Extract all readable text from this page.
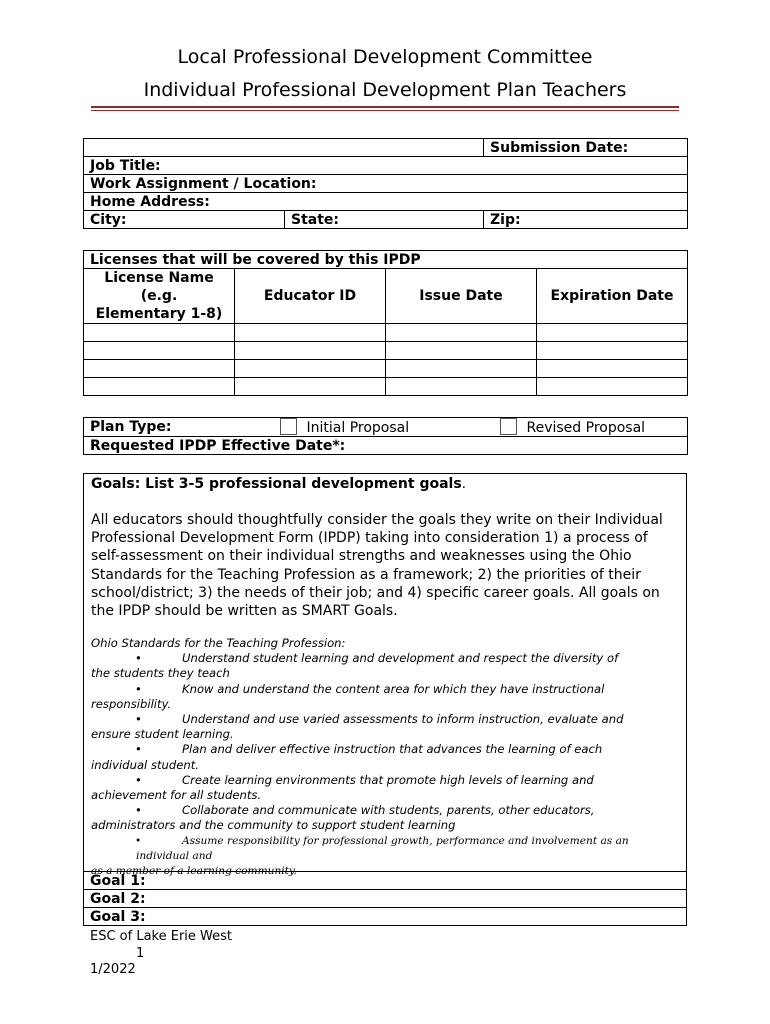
Local Professional Development Committee
Individual Professional Development Plan Teachers
		Submission Date:
Job Title:		
Work Assignment / Location:		
Home Address:		
City:	State:	Zip:
Licenses that will be covered by this IPDP			
License Name
(e.g.
Elementary 1-8)	Educator ID	Issue Date	Expiration Date

Plan Type:	Initial Proposal	Revised Proposal
Requested IPDP Effective Date*:
Goals: List 3-5 professional development goals.
All educators should thoughtfully consider the goals they write on their Individual Professional Development Form (IPDP) taking into consideration 1) a process of self-assessment on their individual strengths and weaknesses using the Ohio Standards for the Teaching Profession as a framework; 2) the priorities of their school/district; 3) the needs of their job; and 4) specific career goals. All goals on the IPDP should be written as SMART Goals.
Ohio Standards for the Teaching Profession:
•	Understand student learning and development and respect the diversity of
the students they teach
•	Know and understand the content area for which they have instructional
responsibility.
•	Understand and use varied assessments to inform instruction, evaluate and
ensure student learning.
•	Plan and deliver effective instruction that advances the learning of each
individual student.
•	Create learning environments that promote high levels of learning and
achievement for all students.
•	Collaborate and communicate with students, parents, other educators,
administrators and the community to support student learning
•	Assume responsibility for professional growth, performance and involvement as an individual and
as a member of a learning community.
Goal 1:
Goal 2:
Goal 3:
ESC of Lake Erie West
1
1/2022
